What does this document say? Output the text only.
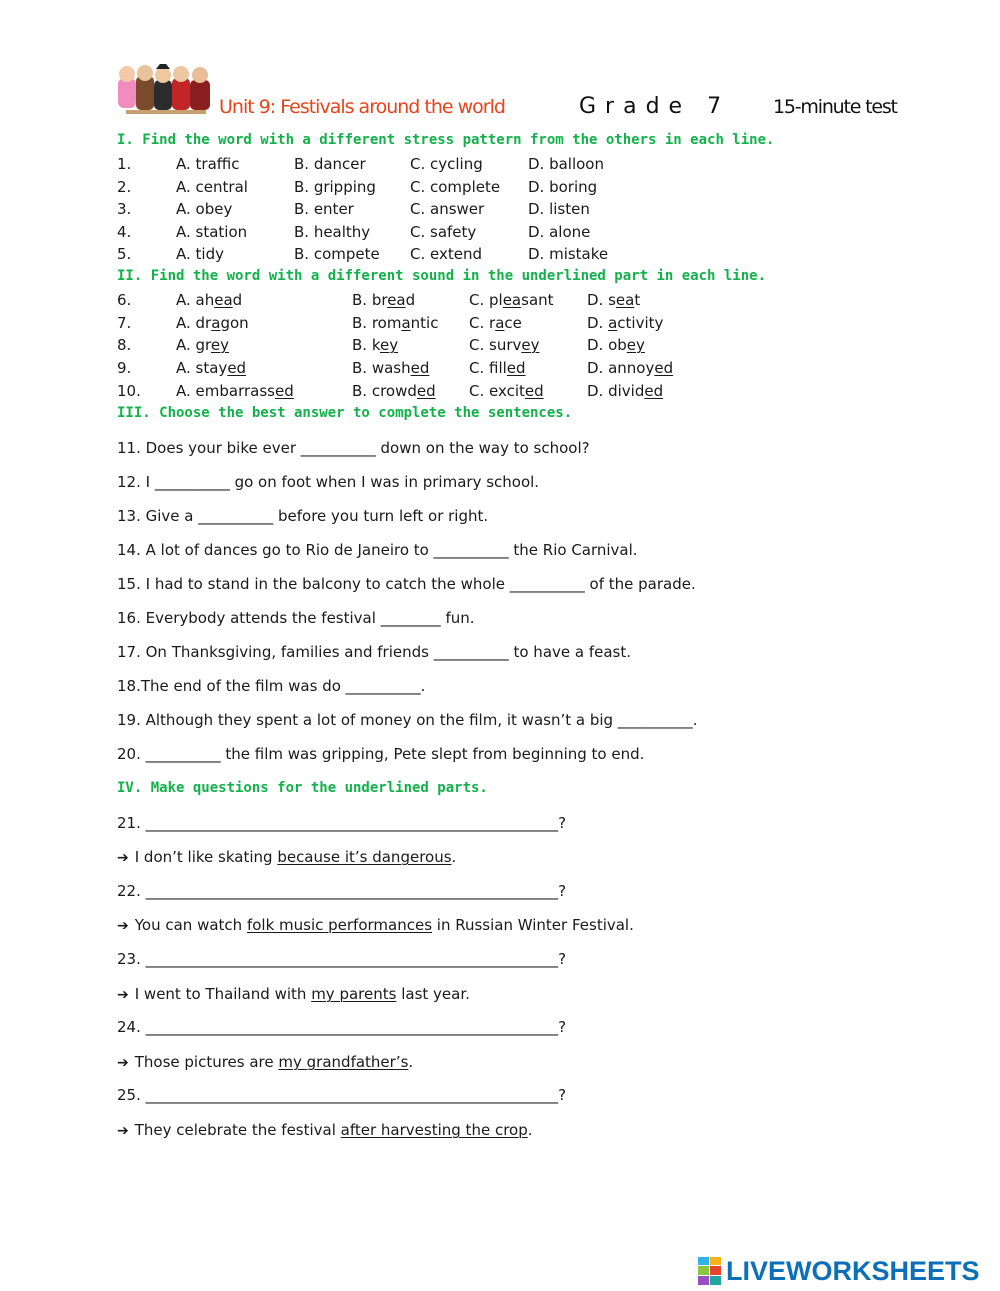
Unit 9: Festivals around the world	Grade 7 15-minute test
I. Find the word with a different stress pattern from the others in each line.
1.	A. traffic	B. dancer	C. cycling	D. balloon
2.	A. central	B. gripping C. complete D. boring
3.	A. obey	B. enter	C. answer	D. listen
4.	A. station	B. healthy	C. safety	D. alone
5.	A. tidy	B. compete C. extend	D. mistake
II. Find the word with a different sound in the underlined part in each line.
6.	A. ahead	B. bread	C. pleasant D. seat
7.	A. dragon	B. romantic C. race	D. activity
8.	A. grey	B. key	C. survey	D. obey
9.	A. stayed	B. washed	C. filled	D. annoyed
10. A. embarrassed	B. crowded C. excited	D. divided
III. Choose the best answer to complete the sentences.
11. Does your bike ever __________ down on the way to school?
12. I __________ go on foot when I was in primary school.
13. Give a __________ before you turn left or right.
14. A lot of dances go to Rio de Janeiro to __________ the Rio Carnival.
15. I had to stand in the balcony to catch the whole __________ of the parade.
16. Everybody attends the festival ________ fun.
17. On Thanksgiving, families and friends __________ to have a feast.
18.The end of the film was do __________.
19. Although they spent a lot of money on the film, it wasn’t a big __________.
20. __________ the film was gripping, Pete slept from beginning to end.
IV. Make questions for the underlined parts.
21. _______________________________________________________?
➔ I don’t like skating because it’s dangerous.
22. _______________________________________________________?
➔ You can watch folk music performances in Russian Winter Festival.
23. _______________________________________________________?
➔ I went to Thailand with my parents last year.
24. _______________________________________________________?
➔ Those pictures are my grandfather’s.
25. _______________________________________________________?
➔ They celebrate the festival after harvesting the crop.
LIVEWORKSHEETS
